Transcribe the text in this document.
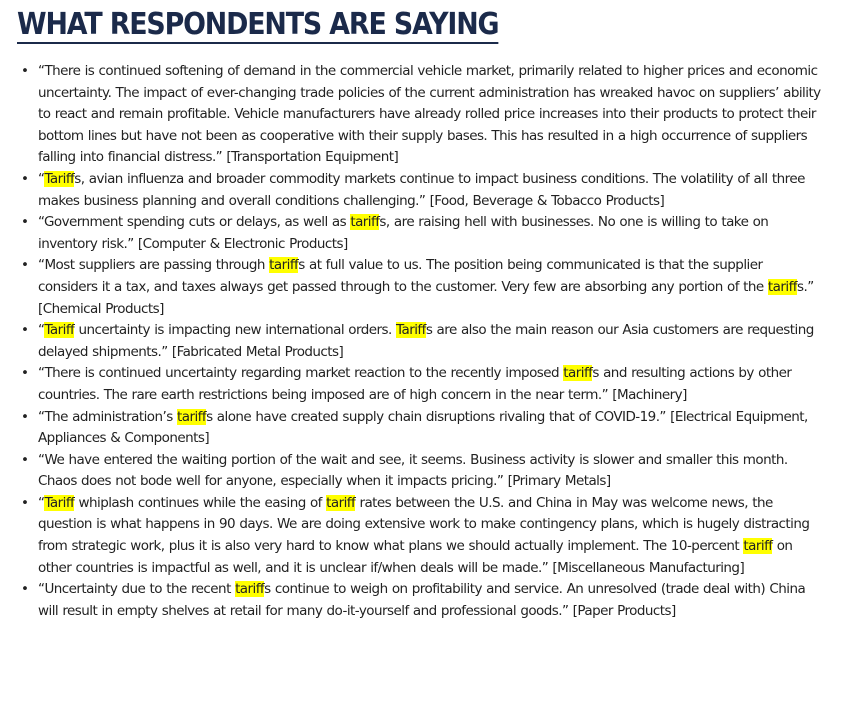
WHAT RESPONDENTS ARE SAYING
• “There is continued softening of demand in the commercial vehicle market, primarily related to higher prices and economic uncertainty. The impact of ever-changing trade policies of the current administration has wreaked havoc on suppliers’ ability to react and remain profitable. Vehicle manufacturers have already rolled price increases into their products to protect their bottom lines but have not been as cooperative with their supply bases. This has resulted in a high occurrence of suppliers falling into financial distress.” [Transportation Equipment]
• “Tariffs, avian influenza and broader commodity markets continue to impact business conditions. The volatility of all three makes business planning and overall conditions challenging.” [Food, Beverage & Tobacco Products]
• “Government spending cuts or delays, as well as tariffs, are raising hell with businesses. No one is willing to take on inventory risk.” [Computer & Electronic Products]
• “Most suppliers are passing through tariffs at full value to us. The position being communicated is that the supplier considers it a tax, and taxes always get passed through to the customer. Very few are absorbing any portion of the tariffs.” [Chemical Products]
• “Tariff uncertainty is impacting new international orders. Tariffs are also the main reason our Asia customers are requesting delayed shipments.” [Fabricated Metal Products]
• “There is continued uncertainty regarding market reaction to the recently imposed tariffs and resulting actions by other countries. The rare earth restrictions being imposed are of high concern in the near term.” [Machinery]
• “The administration’s tariffs alone have created supply chain disruptions rivaling that of COVID-19.” [Electrical Equipment, Appliances & Components]
• “We have entered the waiting portion of the wait and see, it seems. Business activity is slower and smaller this month. Chaos does not bode well for anyone, especially when it impacts pricing.” [Primary Metals]
• “Tariff whiplash continues while the easing of tariff rates between the U.S. and China in May was welcome news, the question is what happens in 90 days. We are doing extensive work to make contingency plans, which is hugely distracting from strategic work, plus it is also very hard to know what plans we should actually implement. The 10-percent tariff on other countries is impactful as well, and it is unclear if/when deals will be made.” [Miscellaneous Manufacturing]
• “Uncertainty due to the recent tariffs continue to weigh on profitability and service. An unresolved (trade deal with) China will result in empty shelves at retail for many do-it-yourself and professional goods.” [Paper Products]
